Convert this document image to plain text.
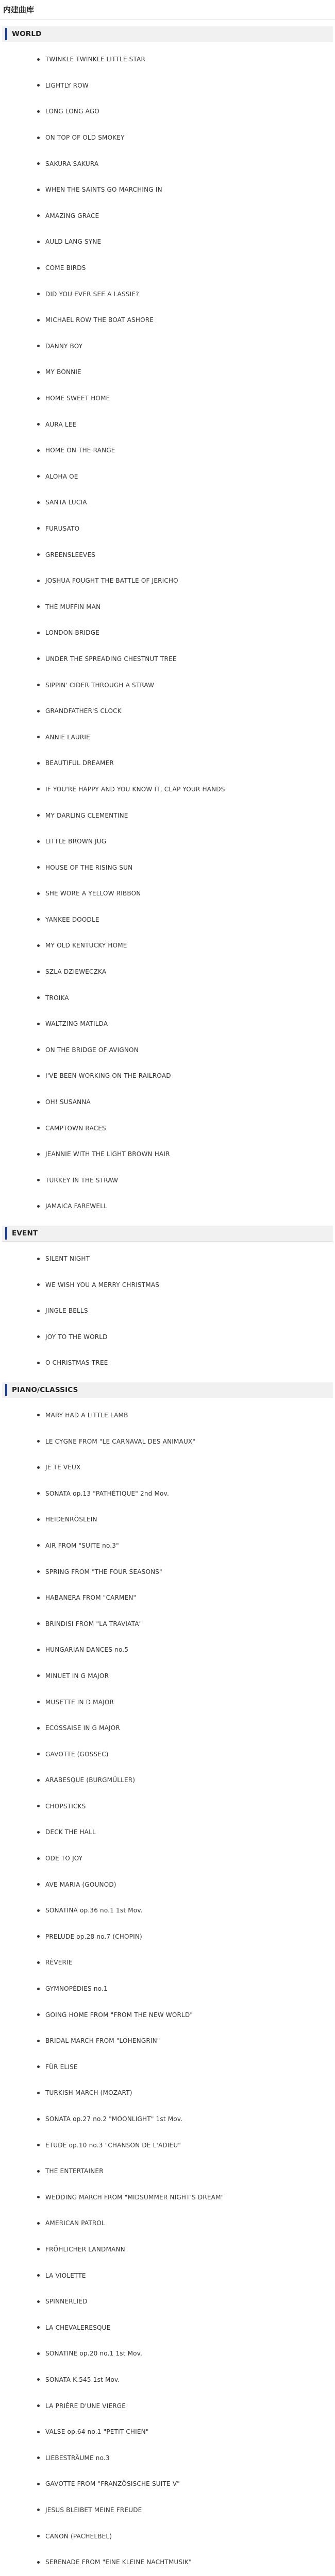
内建曲库
WORLD
TWINKLE TWINKLE LITTLE STAR
LIGHTLY ROW
LONG LONG AGO
ON TOP OF OLD SMOKEY
SAKURA SAKURA
WHEN THE SAINTS GO MARCHING IN
AMAZING GRACE
AULD LANG SYNE
COME BIRDS
DID YOU EVER SEE A LASSIE?
MICHAEL ROW THE BOAT ASHORE
DANNY BOY
MY BONNIE
HOME SWEET HOME
AURA LEE
HOME ON THE RANGE
ALOHA OE
SANTA LUCIA
FURUSATO
GREENSLEEVES
JOSHUA FOUGHT THE BATTLE OF JERICHO
THE MUFFIN MAN
LONDON BRIDGE
UNDER THE SPREADING CHESTNUT TREE
SIPPIN' CIDER THROUGH A STRAW
GRANDFATHER'S CLOCK
ANNIE LAURIE
BEAUTIFUL DREAMER
IF YOU'RE HAPPY AND YOU KNOW IT, CLAP YOUR HANDS
MY DARLING CLEMENTINE
LITTLE BROWN JUG
HOUSE OF THE RISING SUN
SHE WORE A YELLOW RIBBON
YANKEE DOODLE
MY OLD KENTUCKY HOME
SZLA DZIEWECZKA
TROIKA
WALTZING MATILDA
ON THE BRIDGE OF AVIGNON
I'VE BEEN WORKING ON THE RAILROAD
OH! SUSANNA
CAMPTOWN RACES
JEANNIE WITH THE LIGHT BROWN HAIR
TURKEY IN THE STRAW
JAMAICA FAREWELL
EVENT
SILENT NIGHT
WE WISH YOU A MERRY CHRISTMAS
JINGLE BELLS
JOY TO THE WORLD
O CHRISTMAS TREE
PIANO/CLASSICS
MARY HAD A LITTLE LAMB
LE CYGNE FROM "LE CARNAVAL DES ANIMAUX"
JE TE VEUX
SONATA op.13 "PATHÉTIQUE" 2nd Mov.
HEIDENRÖSLEIN
AIR FROM "SUITE no.3"
SPRING FROM "THE FOUR SEASONS"
HABANERA FROM "CARMEN"
BRINDISI FROM "LA TRAVIATA"
HUNGARIAN DANCES no.5
MINUET IN G MAJOR
MUSETTE IN D MAJOR
ECOSSAISE IN G MAJOR
GAVOTTE (GOSSEC)
ARABESQUE (BURGMÜLLER)
CHOPSTICKS
DECK THE HALL
ODE TO JOY
AVE MARIA (GOUNOD)
SONATINA op.36 no.1 1st Mov.
PRELUDE op.28 no.7 (CHOPIN)
RÊVERIE
GYMNOPÉDIES no.1
GOING HOME FROM "FROM THE NEW WORLD"
BRIDAL MARCH FROM "LOHENGRIN"
FÜR ELISE
TURKISH MARCH (MOZART)
SONATA op.27 no.2 "MOONLIGHT" 1st Mov.
ETUDE op.10 no.3 "CHANSON DE L'ADIEU"
THE ENTERTAINER
WEDDING MARCH FROM "MIDSUMMER NIGHT'S DREAM"
AMERICAN PATROL
FRÖHLICHER LANDMANN
LA VIOLETTE
SPINNERLIED
LA CHEVALERESQUE
SONATINE op.20 no.1 1st Mov.
SONATA K.545 1st Mov.
LA PRIÈRE D'UNE VIERGE
VALSE op.64 no.1 "PETIT CHIEN"
LIEBESTRÄUME no.3
GAVOTTE FROM "FRANZÖSISCHE SUITE V"
JESUS BLEIBET MEINE FREUDE
CANON (PACHELBEL)
SERENADE FROM "EINE KLEINE NACHTMUSIK"
